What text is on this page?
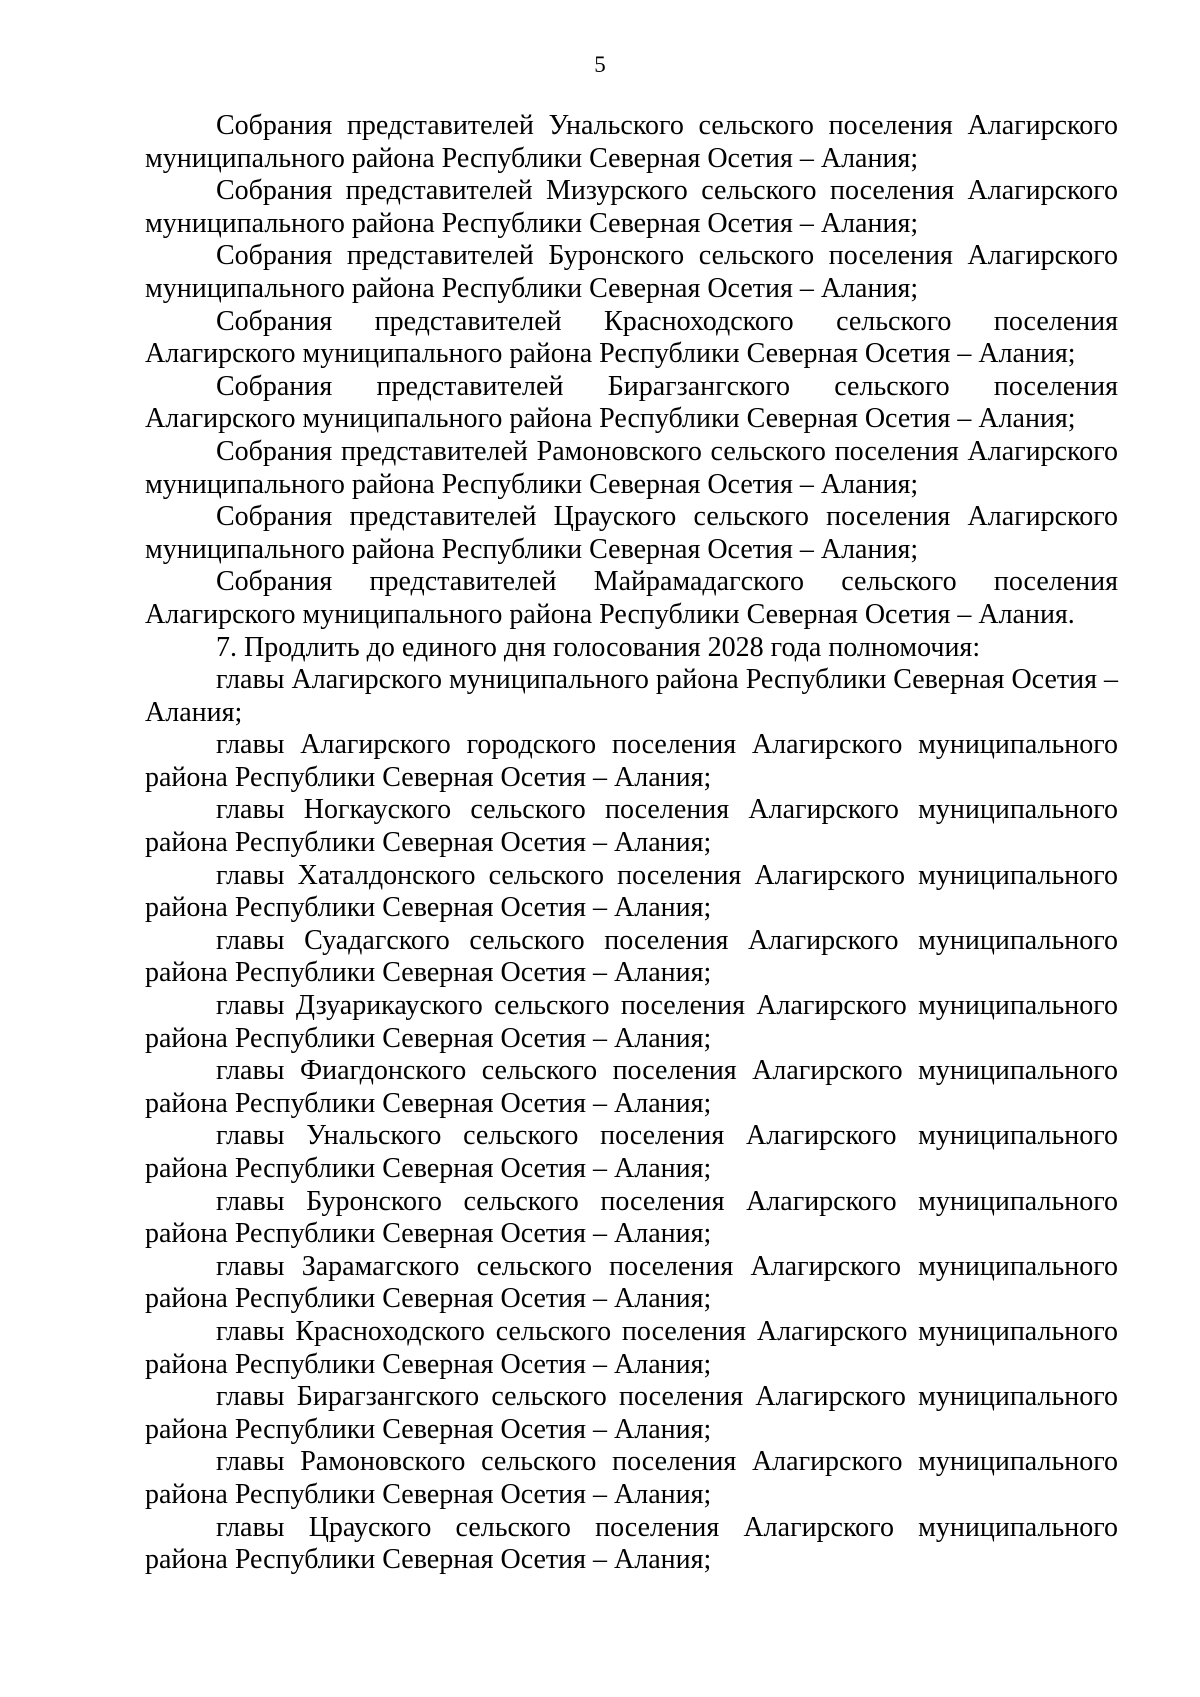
5

Собрания представителей Унальского сельского поселения Алагирского муниципального района Республики Северная Осетия – Алания;

Собрания представителей Мизурского сельского поселения Алагирского муниципального района Республики Северная Осетия – Алания;

Собрания представителей Буронского сельского поселения Алагирского муниципального района Республики Северная Осетия – Алания;

Собрания представителей Красноходского сельского поселения Алагирского муниципального района Республики Северная Осетия – Алания;

Собрания представителей Бирагзангского сельского поселения Алагирского муниципального района Республики Северная Осетия – Алания;

Собрания представителей Рамоновского сельского поселения Алагирского муниципального района Республики Северная Осетия – Алания;

Собрания представителей Црауского сельского поселения Алагирского муниципального района Республики Северная Осетия – Алания;

Собрания представителей Майрамадагского сельского поселения Алагирского муниципального района Республики Северная Осетия – Алания.

7. Продлить до единого дня голосования 2028 года полномочия:

главы Алагирского муниципального района Республики Северная Осетия – Алания;

главы Алагирского городского поселения Алагирского муниципального района Республики Северная Осетия – Алания;

главы Ногкауского сельского поселения Алагирского муниципального района Республики Северная Осетия – Алания;

главы Хаталдонского сельского поселения Алагирского муниципального района Республики Северная Осетия – Алания;

главы Суадагского сельского поселения Алагирского муниципального района Республики Северная Осетия – Алания;

главы Дзуарикауского сельского поселения Алагирского муниципального района Республики Северная Осетия – Алания;

главы Фиагдонского сельского поселения Алагирского муниципального района Республики Северная Осетия – Алания;

главы Унальского сельского поселения Алагирского муниципального района Республики Северная Осетия – Алания;

главы Буронского сельского поселения Алагирского муниципального района Республики Северная Осетия – Алания;

главы Зарамагского сельского поселения Алагирского муниципального района Республики Северная Осетия – Алания;

главы Красноходского сельского поселения Алагирского муниципального района Республики Северная Осетия – Алания;

главы Бирагзангского сельского поселения Алагирского муниципального района Республики Северная Осетия – Алания;

главы Рамоновского сельского поселения Алагирского муниципального района Республики Северная Осетия – Алания;

главы Црауского сельского поселения Алагирского муниципального района Республики Северная Осетия – Алания;
